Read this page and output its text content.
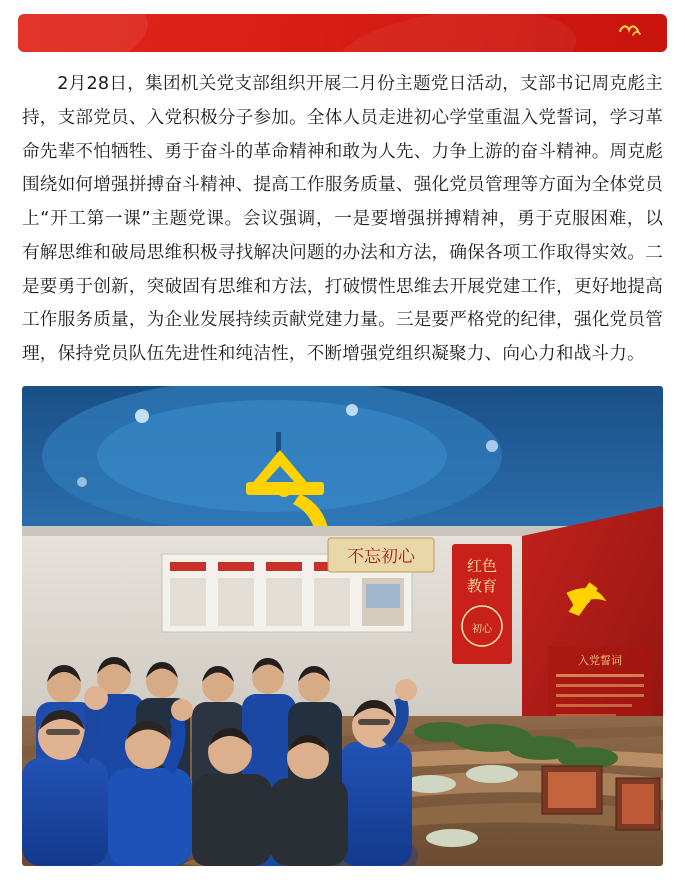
2月28日，集团机关党支部组织开展二月份主题党日活动，支部书记周克彪主持，支部党员、入党积极分子参加。全体人员走进初心学堂重温入党誓词，学习革命先辈不怕牺牲、勇于奋斗的革命精神和敢为人先、力争上游的奋斗精神。周克彪围绕如何增强拼搏奋斗精神、提高工作服务质量、强化党员管理等方面为全体党员上“开工第一课”主题党课。会议强调，一是要增强拼搏精神，勇于克服困难，以有解思维和破局思维积极寻找解决问题的办法和方法，确保各项工作取得实效。二是要勇于创新，突破固有思维和方法，打破惯性思维去开展党建工作，更好地提高工作服务质量，为企业发展持续贡献党建力量。三是要严格党的纪律，强化党员管理，保持党员队伍先进性和纯洁性，不断增强党组织凝聚力、向心力和战斗力。

不忘初心	红色
教育
初心
入党誓词
